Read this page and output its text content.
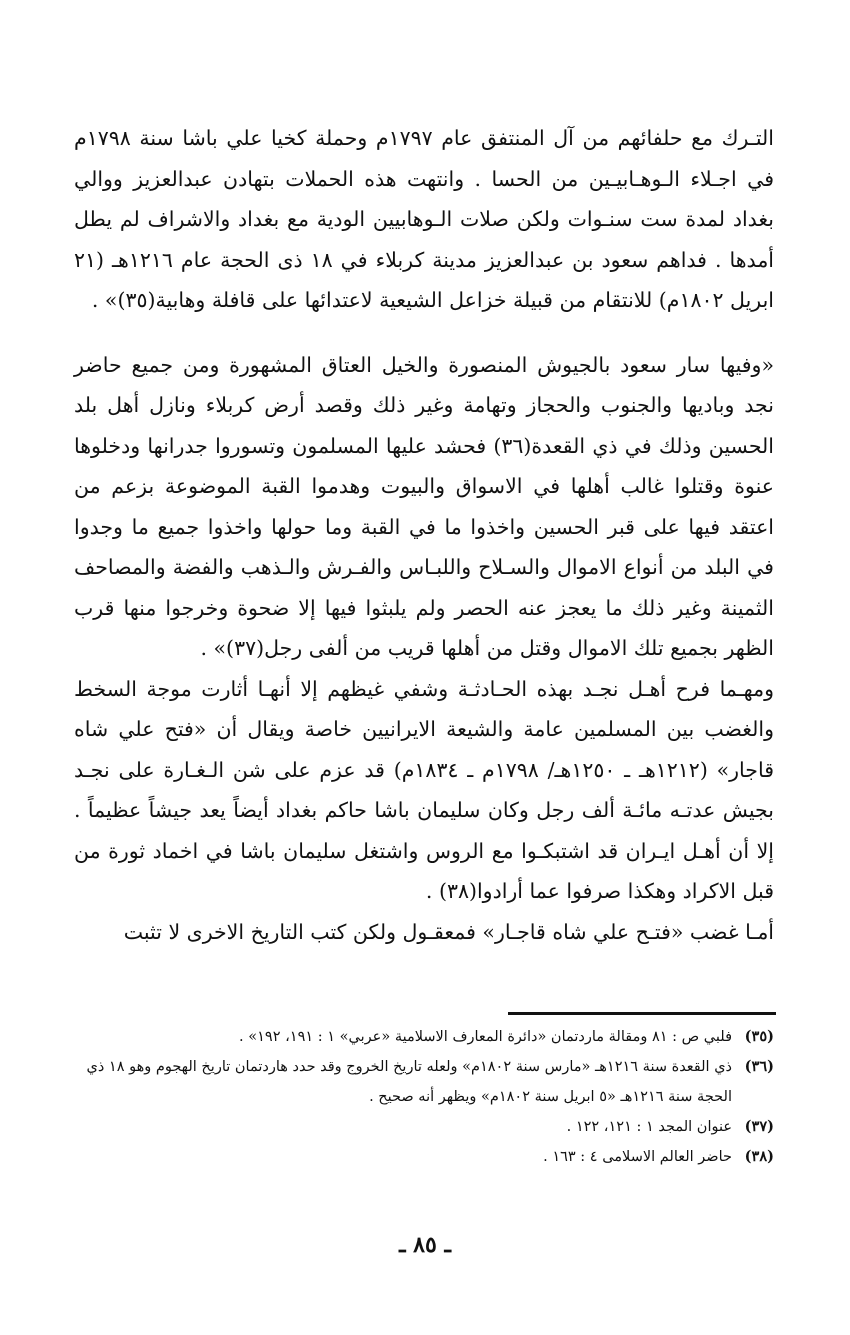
التـرك مع حلفائهم من آل المنتفق عام ١٧٩٧م وحملة كخيا علي باشا سنة ١٧٩٨م في اجـلاء الـوهـابيـين من الحسا . وانتهت هذه الحملات بتهادن عبدالعزيز ووالي بغداد لمدة ست سنـوات ولكن صلات الـوهابيين الودية مع بغداد والاشراف لم يطل أمدها . فداهم سعود بن عبدالعزيز مدينة كربلاء في ١٨ ذى الحجة عام ١٢١٦هـ (٢١ ابريل ١٨٠٢م) للانتقام من قبيلة خزاعل الشيعية لاعتدائها على قافلة وهابية(٣٥)» .

«وفيها سار سعود بالجيوش المنصورة والخيل العتاق المشهورة ومن جميع حاضر نجد وباديها والجنوب والحجاز وتهامة وغير ذلك وقصد أرض كربلاء ونازل أهل بلد الحسين وذلك في ذي القعدة(٣٦) فحشد عليها المسلمون وتسوروا جدرانها ودخلوها عنوة وقتلوا غالب أهلها في الاسواق والبيوت وهدموا القبة الموضوعة بزعم من اعتقد فيها على قبر الحسين واخذوا ما في القبة وما حولها واخذوا جميع ما وجدوا في البلد من أنواع الاموال والسـلاح واللبـاس والفـرش والـذهب والفضة والمصاحف الثمينة وغير ذلك ما يعجز عنه الحصر ولم يلبثوا فيها إلا ضحوة وخرجوا منها قرب الظهر بجميع تلك الاموال وقتل من أهلها قريب من ألفى رجل(٣٧)» .

ومهـما فرح أهـل نجـد بهذه الحـادثـة وشفي غيظهم إلا أنهـا أثارت موجة السخط والغضب بين المسلمين عامة والشيعة الايرانيين خاصة ويقال أن «فتح علي شاه قاجار» (١٢١٢هـ ـ ١٢٥٠هـ/ ١٧٩٨م ـ ١٨٣٤م) قد عزم على شن الـغـارة على نجـد بجيش عدتـه مائـة ألف رجل وكان سليمان باشا حاكم بغداد أيضاً يعد جيشاً عظيماً . إلا أن أهـل ايـران قد اشتبكـوا مع الروس واشتغل سليمان باشا في اخماد ثورة من قبل الاكراد وهكذا صرفوا عما أرادوا(٣٨) .

أمـا غضب «فتـح علي شاه قاجـار» فمعقـول ولكن كتب التاريخ الاخرى لا تثبت

(٣٥)
فلبي ص : ٨١ ومقالة ماردتمان «دائرة المعارف الاسلامية «عربي» ١ : ١٩١، ١٩٢» .
(٣٦)
ذي القعدة سنة ١٢١٦هـ «مارس سنة ١٨٠٢م» ولعله تاريخ الخروج وقد حدد هاردتمان تاريخ الهجوم وهو ١٨ ذي الحجة سنة ١٢١٦هـ «٥ ابريل سنة ١٨٠٢م» ويظهر أنه صحيح .
(٣٧)
عنوان المجد ١ : ١٢١، ١٢٢ .
(٣٨)
حاضر العالم الاسلامى ٤ : ١٦٣ .
ـ ٨٥ ـ
